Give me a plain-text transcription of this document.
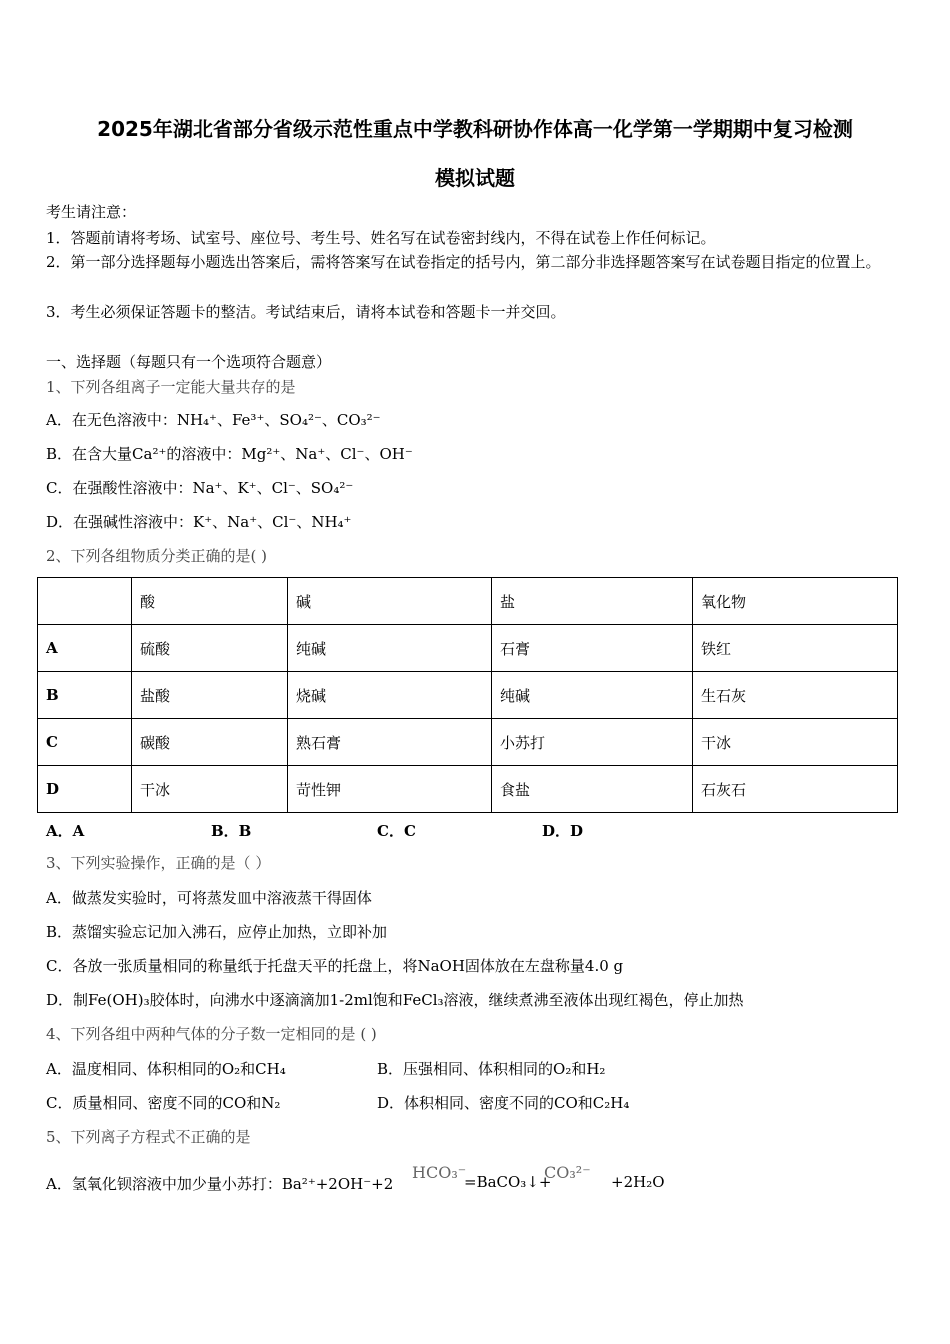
2025年湖北省部分省级示范性重点中学教科研协作体高一化学第一学期期中复习检测
模拟试题
考生请注意：
1．答题前请将考场、试室号、座位号、考生号、姓名写在试卷密封线内，不得在试卷上作任何标记。
2．第一部分选择题每小题选出答案后，需将答案写在试卷指定的括号内，第二部分非选择题答案写在试卷题目指定的位置上。
3．考生必须保证答题卡的整洁。考试结束后，请将本试卷和答题卡一并交回。
一、选择题（每题只有一个选项符合题意）
1、下列各组离子一定能大量共存的是
A．在无色溶液中：NH₄⁺、Fe³⁺、SO₄²⁻、CO₃²⁻
B．在含大量Ca²⁺的溶液中：Mg²⁺、Na⁺、Cl⁻、OH⁻
C．在强酸性溶液中：Na⁺、K⁺、Cl⁻、SO₄²⁻
D．在强碱性溶液中：K⁺、Na⁺、Cl⁻、NH₄⁺
2、下列各组物质分类正确的是( )
	酸	碱	盐	氧化物
A	硫酸	纯碱	石膏	铁红
B	盐酸	烧碱	纯碱	生石灰
C	碳酸	熟石膏	小苏打	干冰
D	干冰	苛性钾	食盐	石灰石
A．A	B．B	C．C	D．D
3、下列实验操作，正确的是（ ）
A．做蒸发实验时，可将蒸发皿中溶液蒸干得固体
B．蒸馏实验忘记加入沸石，应停止加热，立即补加
C．各放一张质量相同的称量纸于托盘天平的托盘上，将NaOH固体放在左盘称量4.0 g
D．制Fe(OH)₃胶体时，向沸水中逐滴滴加1-2ml饱和FeCl₃溶液，继续煮沸至液体出现红褐色，停止加热
4、下列各组中两种气体的分子数一定相同的是 ( )
A．温度相同、体积相同的O₂和CH₄	B．压强相同、体积相同的O₂和H₂
C．质量相同、密度不同的CO和N₂	D．体积相同、密度不同的CO和C₂H₄
5、下列离子方程式不正确的是
A．氢氧化钡溶液中加少量小苏打：Ba²⁺+2OH⁻+2
HCO₃⁻
=BaCO₃↓+
CO₃²⁻ +2H₂O
